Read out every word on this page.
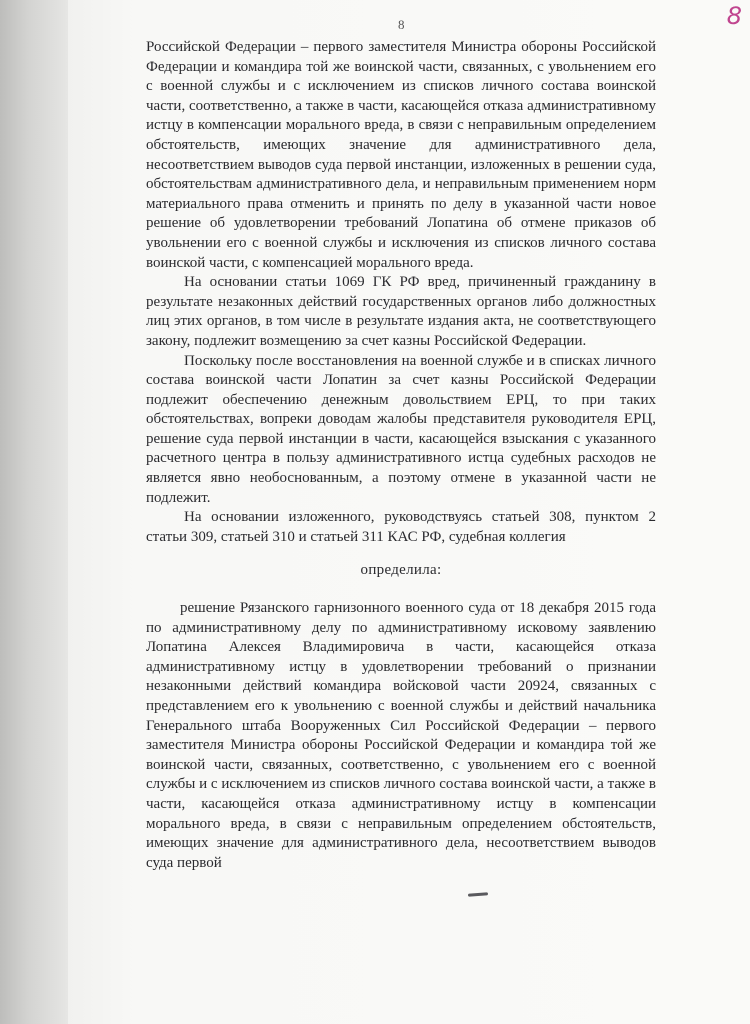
8	8

Российской Федерации – первого заместителя Министра обороны Российской Федерации и командира той же воинской части, связанных, с увольнением его с военной службы и с исключением из списков личного состава воинской части, соответственно, а также в части, касающейся отказа административному истцу в компенсации морального вреда, в связи с неправильным определением обстоятельств, имеющих значение для административного дела, несоответствием выводов суда первой инстанции, изложенных в решении суда, обстоятельствам административного дела, и неправильным применением норм материального права отменить и принять по делу в указанной части новое решение об удовлетворении требований Лопатина об отмене приказов об увольнении его с военной службы и исключения из списков личного состава воинской части, с компенсацией морального вреда.

На основании статьи 1069 ГК РФ вред, причиненный гражданину в результате незаконных действий государственных органов либо должностных лиц этих органов, в том числе в результате издания акта, не соответствующего закону, подлежит возмещению за счет казны Российской Федерации.

Поскольку после восстановления на военной службе и в списках личного состава воинской части Лопатин за счет казны Российской Федерации подлежит обеспечению денежным довольствием ЕРЦ, то при таких обстоятельствах, вопреки доводам жалобы представителя руководителя ЕРЦ, решение суда первой инстанции в части, касающейся взыскания с указанного расчетного центра в пользу административного истца судебных расходов не является явно необоснованным, а поэтому отмене в указанной части не подлежит.

На основании изложенного, руководствуясь статьей 308, пунктом 2 статьи 309, статьей 310 и статьей 311 КАС РФ, судебная коллегия

определила:

решение Рязанского гарнизонного военного суда от 18 декабря 2015 года по административному делу по административному исковому заявлению Лопатина Алексея Владимировича в части, касающейся отказа административному истцу в удовлетворении требований о признании незаконными действий командира войсковой части 20924, связанных с представлением его к увольнению с военной службы и действий начальника Генерального штаба Вооруженных Сил Российской Федерации – первого заместителя Министра обороны Российской Федерации и командира той же воинской части, связанных, соответственно, с увольнением его с военной службы и с исключением из списков личного состава воинской части, а также в части, касающейся отказа административному истцу в компенсации морального вреда, в связи с неправильным определением обстоятельств, имеющих значение для административного дела, несоответствием выводов суда первой
